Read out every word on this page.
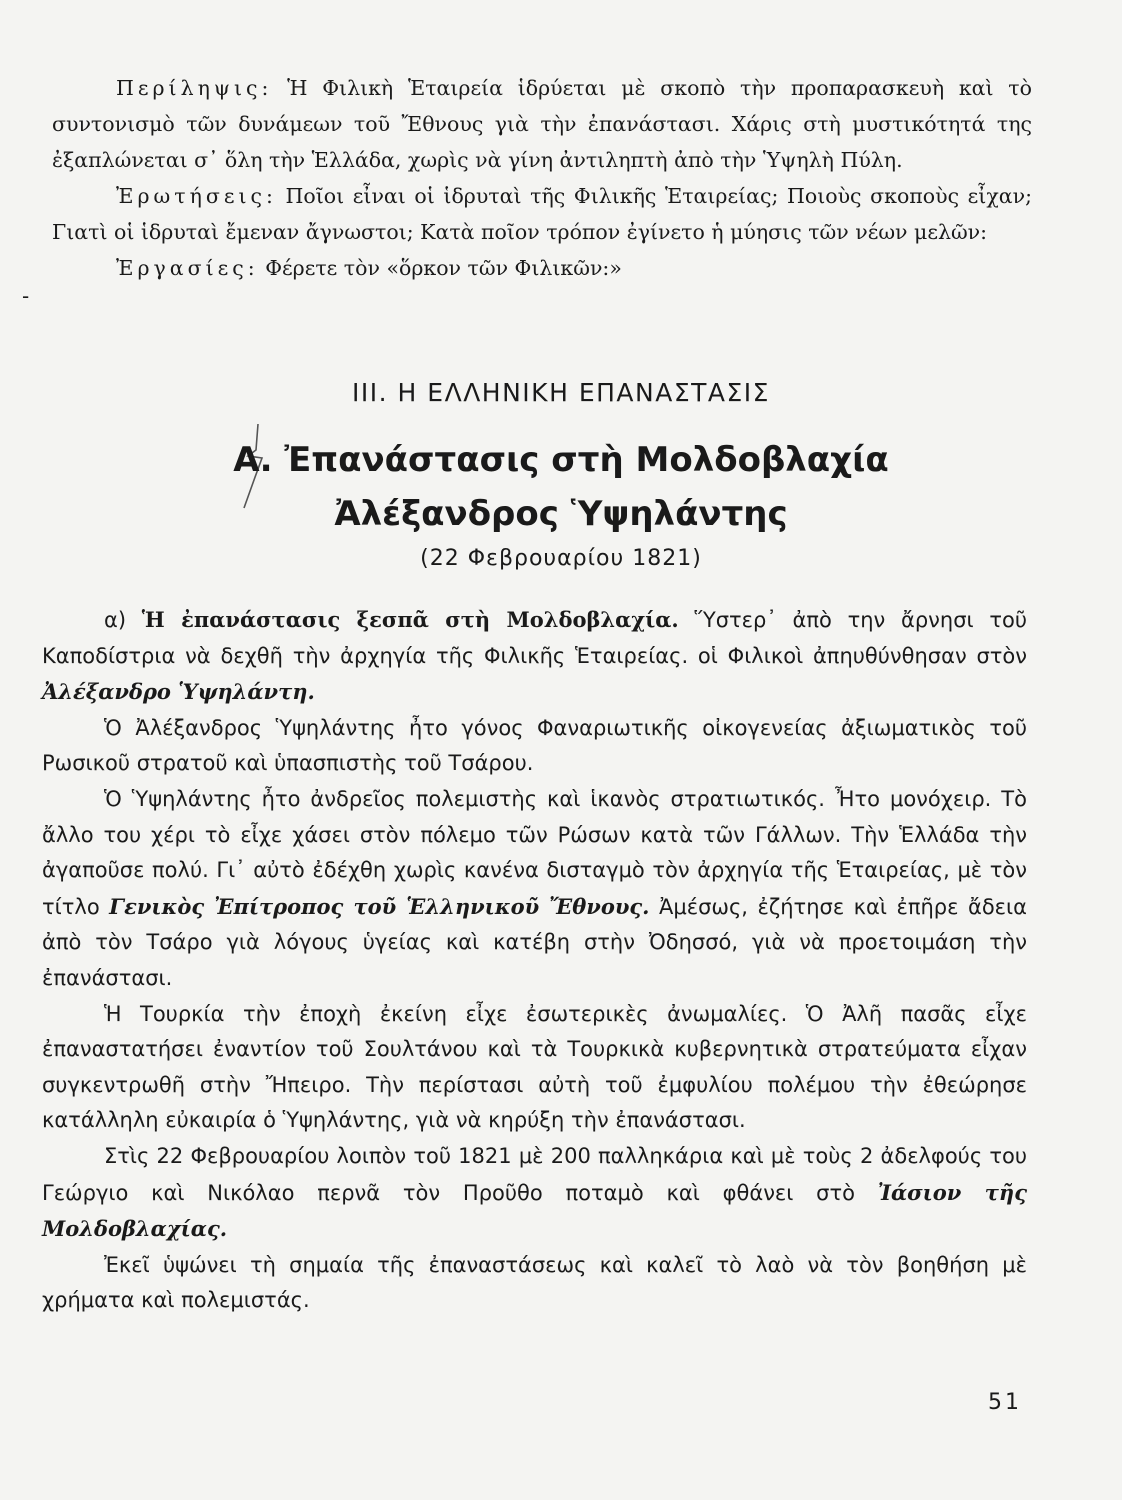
Περίληψις: Ἡ Φιλικὴ Ἑταιρεία ἱδρύεται μὲ σκοπὸ τὴν προπαρασκευὴ καὶ τὸ συντονισμὸ τῶν δυνάμεων τοῦ Ἔθνους γιὰ τὴν ἐπανάστασι. Χάρις στὴ μυστικότητά της ἐξαπλώνεται σ᾽ ὅλη τὴν Ἑλλάδα, χωρὶς νὰ γίνη ἀντιληπτὴ ἀπὸ τὴν Ὑψηλὴ Πύλη.

Ἐρωτήσεις: Ποῖοι εἶναι οἱ ἱδρυταὶ τῆς Φιλικῆς Ἑταιρείας; Ποιοὺς σκοποὺς εἶχαν; Γιατὶ οἱ ἱδρυταὶ ἔμεναν ἄγνωστοι; Κατὰ ποῖον τρόπον ἐγίνετο ἡ μύησις τῶν νέων μελῶν:

Ἐργασίες: Φέρετε τὸν «ὅρκον τῶν Φιλικῶν:»

-
ΙΙΙ. Η ΕΛΛΗΝΙΚΗ ΕΠΑΝΑΣΤΑΣΙΣ
Α. Ἐπανάστασις στὴ Μολδοβλαχία
Ἀλέξανδρος Ὑψηλάντης
(22 Φεβρουαρίου 1821)

α) Ἡ ἐπανάστασις ξεσπᾶ στὴ Μολδοβλαχία. Ὕστερ᾽ ἀπὸ την ἄρνησι τοῦ Καποδίστρια νὰ δεχθῆ τὴν ἀρχηγία τῆς Φιλικῆς Ἑταιρείας. οἱ Φιλικοὶ ἀπηυθύνθησαν στὸν Ἀλέξανδρο Ὑψηλάντη.

Ὁ Ἀλέξανδρος Ὑψηλάντης ἦτο γόνος Φαναριωτικῆς οἰκογενείας ἀξιωματικὸς τοῦ Ρωσικοῦ στρατοῦ καὶ ὑπασπιστὴς τοῦ Τσάρου.

Ὁ Ὑψηλάντης ἦτο ἀνδρεῖος πολεμιστὴς καὶ ἱκανὸς στρατιωτικός. Ἦτο μονόχειρ. Τὸ ἄλλο του χέρι τὸ εἶχε χάσει στὸν πόλεμο τῶν Ρώσων κατὰ τῶν Γάλλων. Τὴν Ἑλλάδα τὴν ἀγαποῦσε πολύ. Γι᾽ αὐτὸ ἐδέχθη χωρὶς κανένα δισταγμὸ τὸν ἀρχηγία τῆς Ἑταιρείας, μὲ τὸν τίτλο Γενικὸς Ἐπίτροπος τοῦ Ἑλληνικοῦ Ἔθνους. Ἀμέσως, ἐζήτησε καὶ ἐπῆρε ἄδεια ἀπὸ τὸν Τσάρο γιὰ λόγους ὑγείας καὶ κατέβη στὴν Ὀδησσό, γιὰ νὰ προετοιμάση τὴν ἐπανάστασι.

Ἡ Τουρκία τὴν ἐποχὴ ἐκείνη εἶχε ἐσωτερικὲς ἀνωμαλίες. Ὁ Ἀλῆ πασᾶς εἶχε ἐπαναστατήσει ἐναντίον τοῦ Σουλτάνου καὶ τὰ Τουρκικὰ κυβερνητικὰ στρατεύματα εἶχαν συγκεντρωθῆ στὴν Ἤπειρο. Τὴν περίστασι αὐτὴ τοῦ ἐμφυλίου πολέμου τὴν ἐθεώρησε κατάλληλη εὐκαιρία ὁ Ὑψηλάντης, γιὰ νὰ κηρύξη τὴν ἐπανάστασι.

Στὶς 22 Φεβρουαρίου λοιπὸν τοῦ 1821 μὲ 200 παλληκάρια καὶ μὲ τοὺς 2 ἀδελφούς του Γεώργιο καὶ Νικόλαο περνᾶ τὸν Προῦθο ποταμὸ καὶ φθάνει στὸ Ἰάσιον τῆς Μολδοβλαχίας.

Ἐκεῖ ὑψώνει τὴ σημαία τῆς ἐπαναστάσεως καὶ καλεῖ τὸ λαὸ νὰ τὸν βοηθήση μὲ χρήματα καὶ πολεμιστάς.

51
